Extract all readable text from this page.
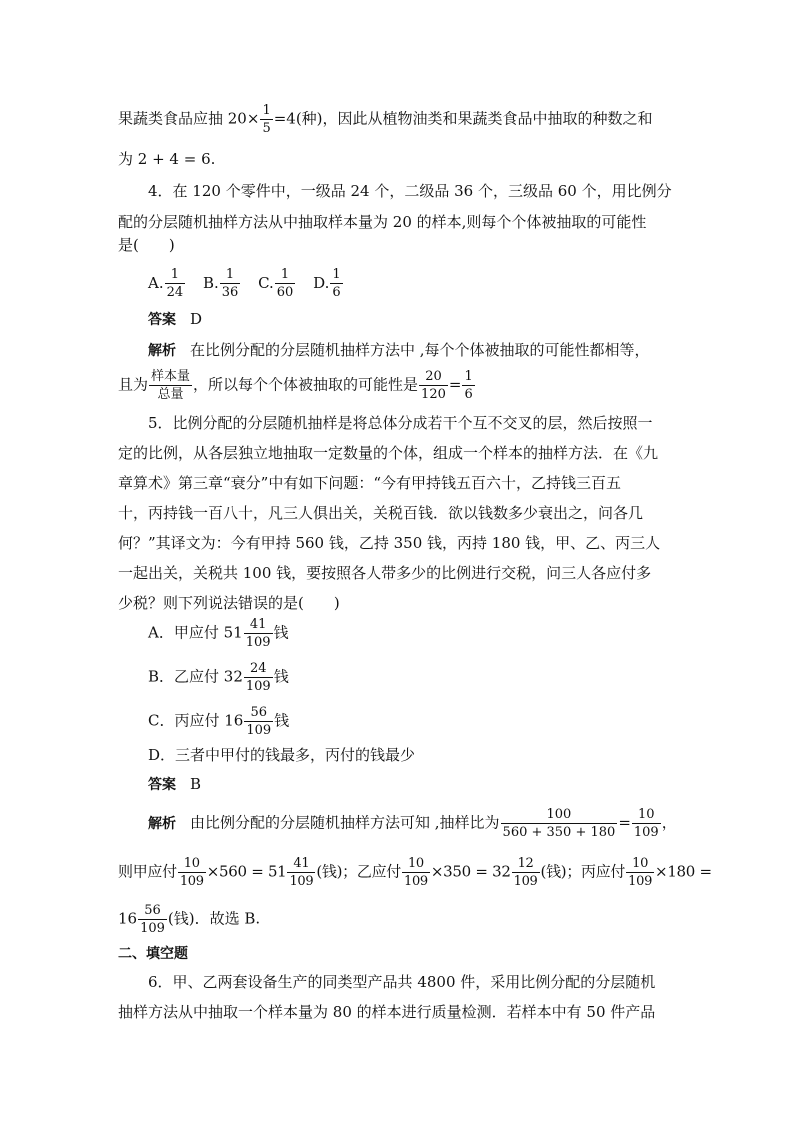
果蔬类食品应抽 $20\times \frac{1}{5} =4$(种)，因此从植物油类和果蔬类食品中抽取的种数之和
为 2 + 4 = 6.
4．在 120 个零件中，一级品 24 个，二级品 36 个，三级品 60 个，用比例分
配的分层随机抽样方法从中抽取样本量为 20 的样本,则每个个体被抽取的可能性
是(　　)
A. $\frac{1}{24} B$. $\frac{1}{36} C$. $\frac{1}{60} D$. $\frac{1}{6}$
答案 D
解析 在比例分配的分层随机抽样方法中 ,每个个体被抽取的可能性都相等，
且为 $\frac{\text{样本量}}{\text{总量}}$ ，所以每个个体被抽取的可能性是 $\frac{20}{120} = \frac{1}{6}$
5．比例分配的分层随机抽样是将总体分成若干个互不交叉的层，然后按照一
定的比例，从各层独立地抽取一定数量的个体，组成一个样本的抽样方法．在《九
章算术》第三章“衰分”中有如下问题：“今有甲持钱五百六十，乙持钱三百五
十，丙持钱一百八十，凡三人俱出关，关税百钱．欲以钱数多少衰出之，问各几
何？”其译文为：今有甲持 560 钱，乙持 350 钱，丙持 180 钱，甲、乙、丙三人
一起出关，关税共 100 钱，要按照各人带多少的比例进行交税，问三人各应付多
少税？则下列说法错误的是(　　)
A．甲应付 $51 \frac{41}{109}$ 钱
B．乙应付 $32 \frac{24}{109}$ 钱
C．丙应付 $16 \frac{56}{109}$ 钱
D．三者中甲付的钱最多，丙付的钱最少
答案 B
解析 由比例分配的分层随机抽样方法可知 ,抽样比为 $\frac{100}{560 + 350 + 180} = \frac{10}{109}$ ，
则甲应付 $\frac{10}{109} \times 560 = 51 \frac{41}{109}$ (钱)；乙应付 $\frac{10}{109} \times 350 = 32 \frac{12}{109}$ (钱)；丙应付 $\frac{10}{109} \times 180$ =
$16 \frac{56}{109}$ (钱)．故选 B.
二、填空题
6．甲、乙两套设备生产的同类型产品共 4800 件，采用比例分配的分层随机
抽样方法从中抽取一个样本量为 80 的样本进行质量检测．若样本中有 50 件产品
